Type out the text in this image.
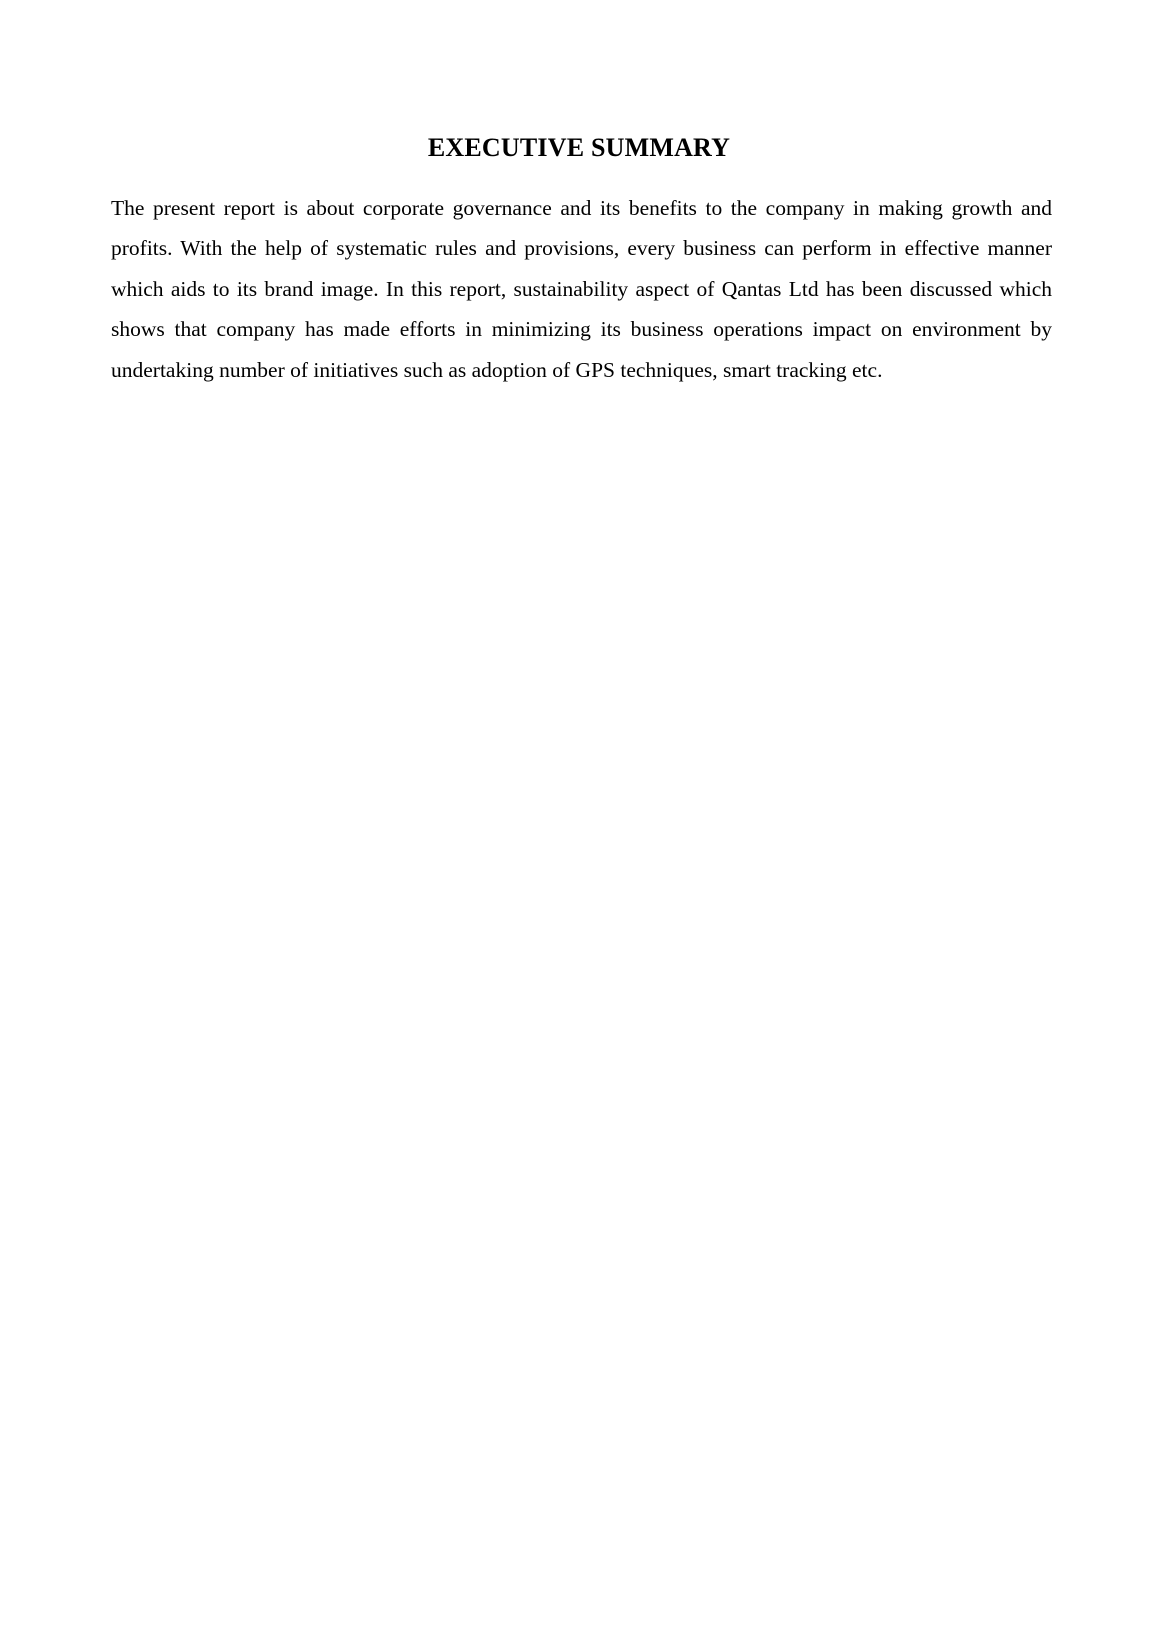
EXECUTIVE SUMMARY

The present report is about corporate governance and its benefits to the company in making growth and profits. With the help of systematic rules and provisions, every business can perform in effective manner which aids to its brand image. In this report, sustainability aspect of Qantas Ltd has been discussed which shows that company has made efforts in minimizing its business operations impact on environment by undertaking number of initiatives such as adoption of GPS techniques, smart tracking etc.
